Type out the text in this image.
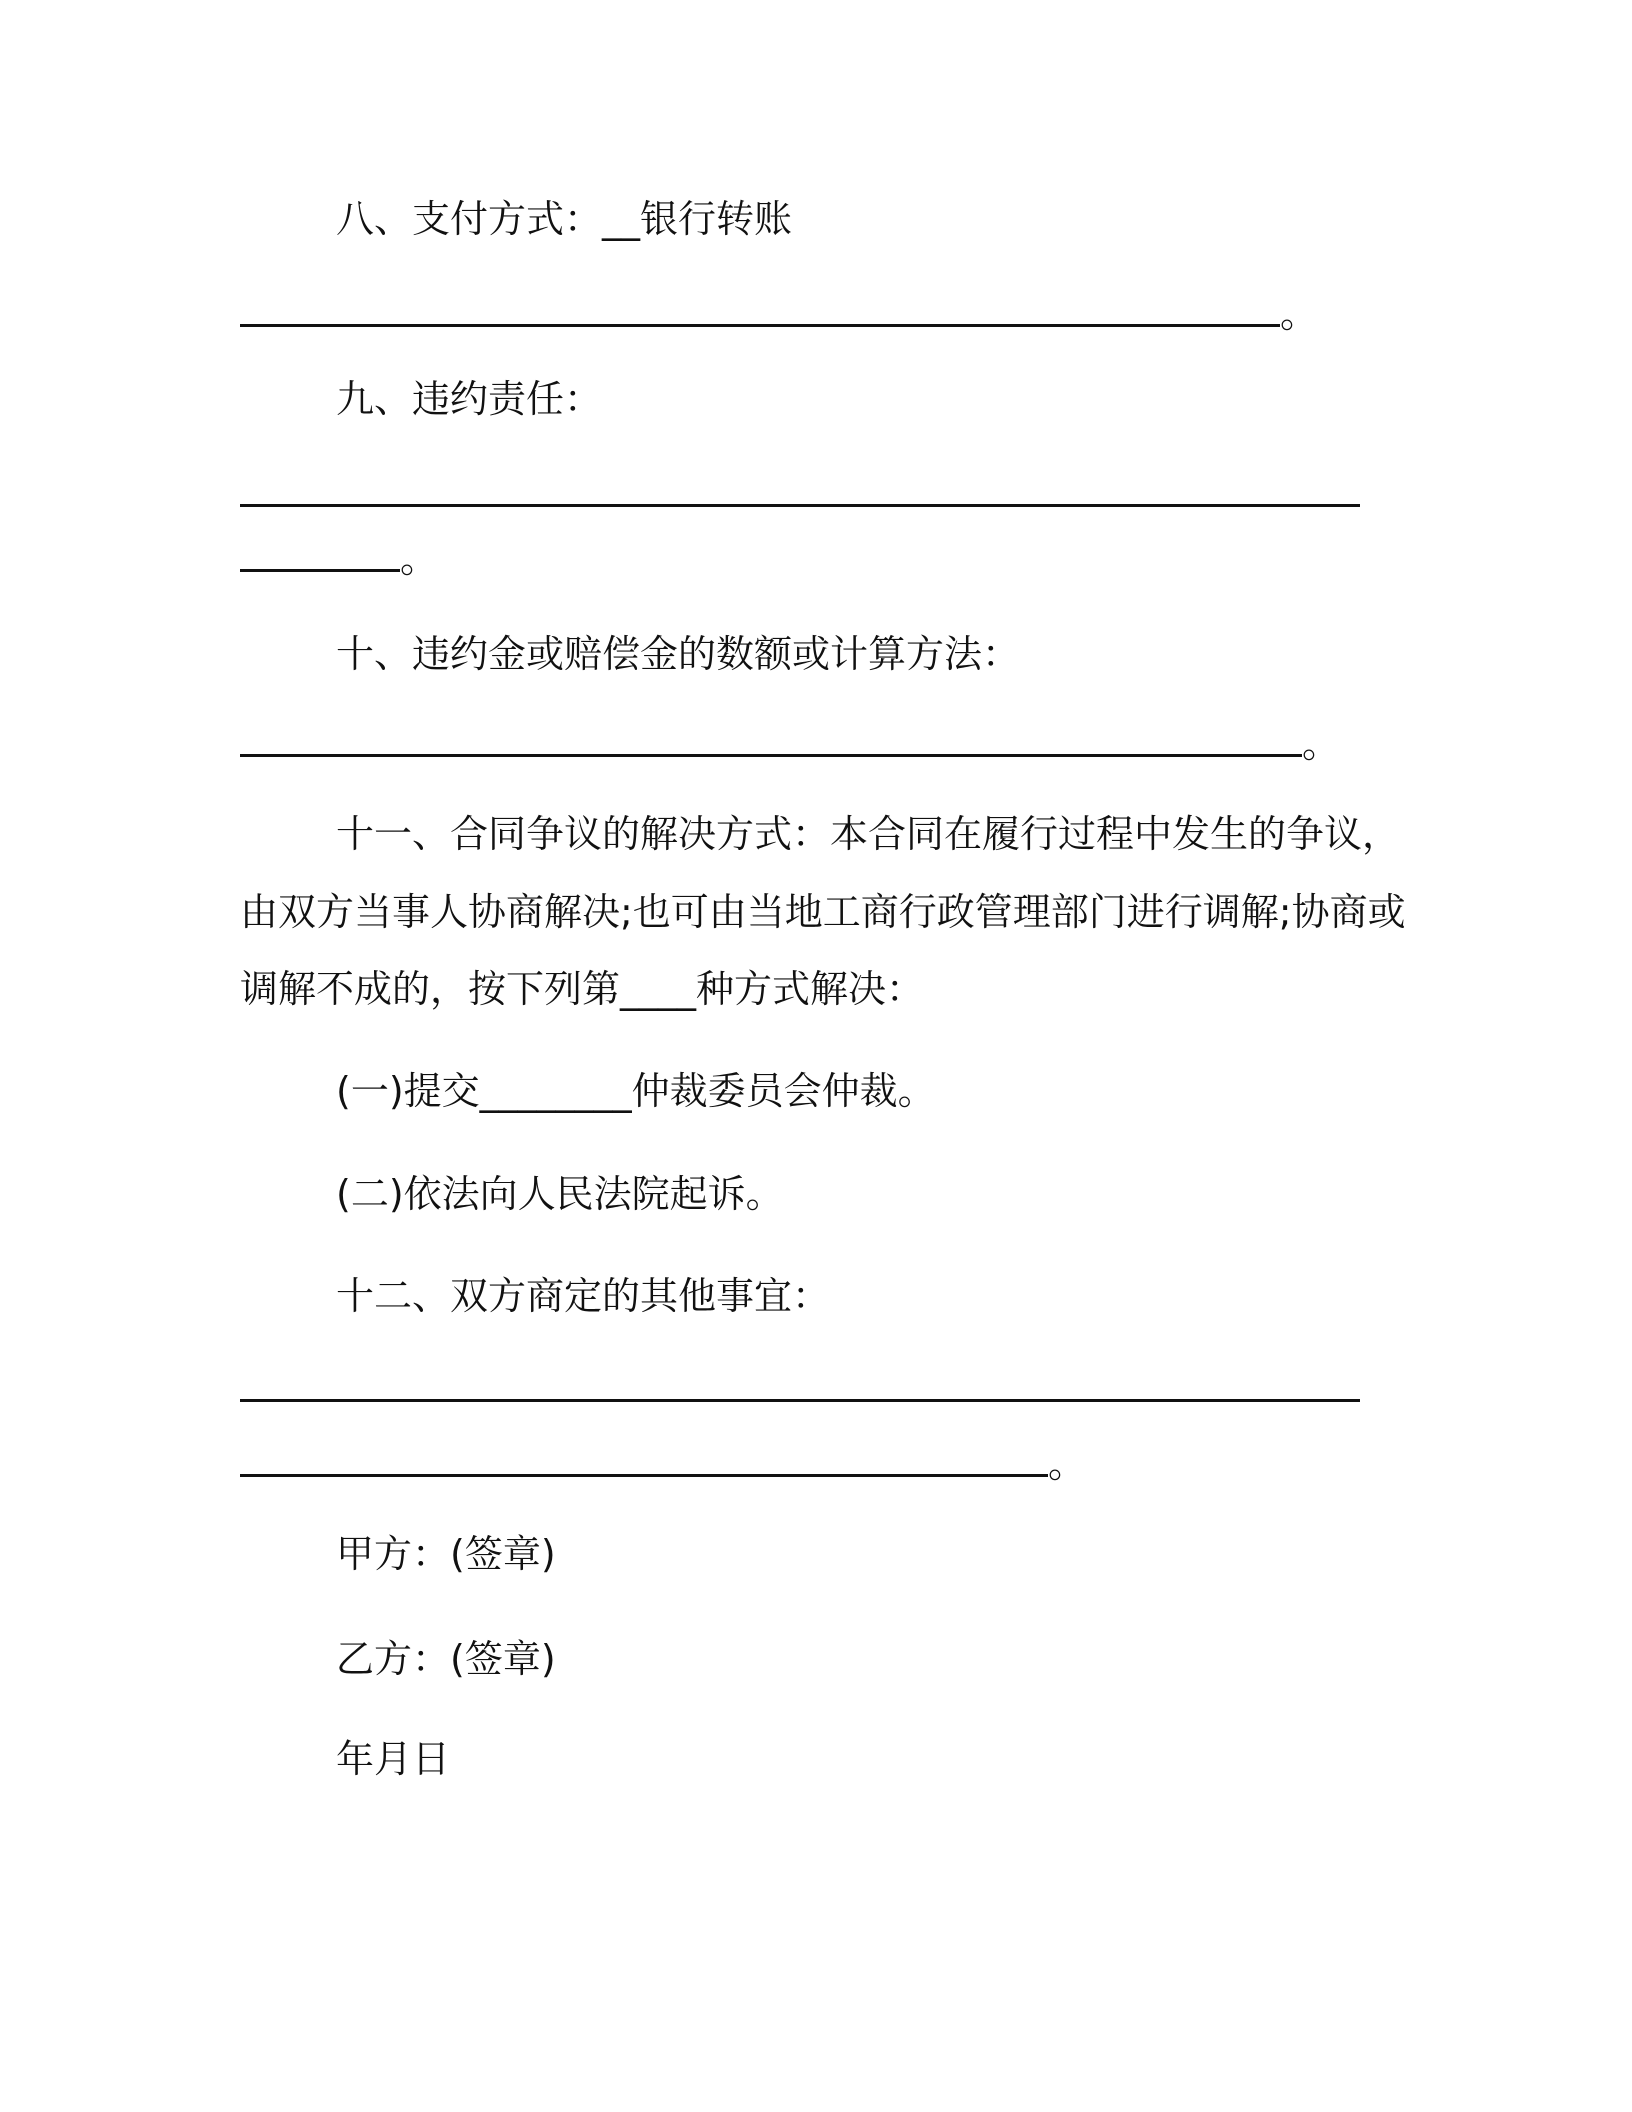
八、支付方式：__银行转账
。
九、违约责任：
。
十、违约金或赔偿金的数额或计算方法：
。
十一、合同争议的解决方式：本合同在履行过程中发生的争议，
由双方当事人协商解决;也可由当地工商行政管理部门进行调解;协商或
调解不成的，按下列第____种方式解决：
(一)提交________仲裁委员会仲裁。
(二)依法向人民法院起诉。
十二、双方商定的其他事宜：
。
甲方：(签章)
乙方：(签章)
年月日
